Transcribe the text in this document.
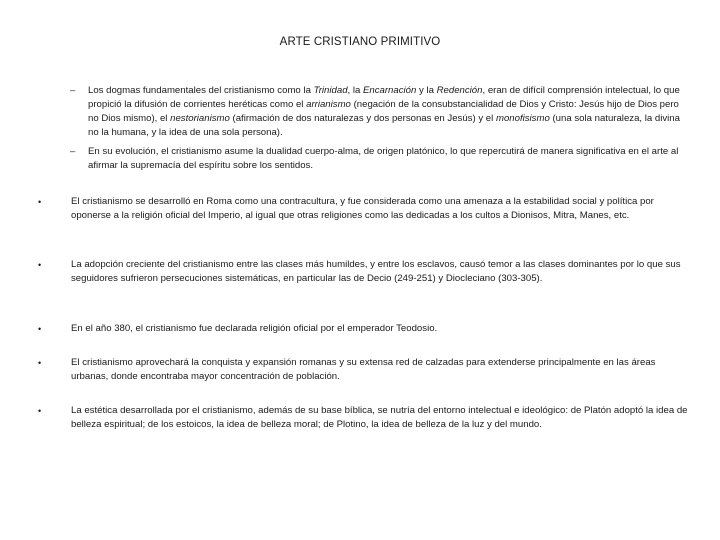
ARTE CRISTIANO PRIMITIVO
–	Los dogmas fundamentales del cristianismo como la Trinidad, la Encarnación y la Redención, eran de difícil comprensión intelectual, lo que propició la difusión de corrientes heréticas como el arrianismo (negación de la consubstancialidad de Dios y Cristo: Jesús hijo de Dios pero no Dios mismo), el nestorianismo (afirmación de dos naturalezas y dos personas en Jesús) y el monofisismo (una sola naturaleza, la divina no la humana, y la idea de una sola persona).
–	En su evolución, el cristianismo asume la dualidad cuerpo-alma, de origen platónico, lo que repercutirá de manera significativa en el arte al afirmar la supremacía del espíritu sobre los sentidos.
•	El cristianismo se desarrolló en Roma como una contracultura, y fue considerada como una amenaza a la estabilidad social y política por oponerse a la religión oficial del Imperio, al igual que otras religiones como las dedicadas a los cultos a Dionisos, Mitra, Manes, etc.
•	La adopción creciente del cristianismo entre las clases más humildes, y entre los esclavos, causó temor a las clases dominantes por lo que sus seguidores sufrieron persecuciones sistemáticas, en particular las de Decio (249-251) y Diocleciano (303-305).
•	En el año 380, el cristianismo fue declarada religión oficial por el emperador Teodosio.
•	El cristianismo aprovechará la conquista y expansión romanas y su extensa red de calzadas para extenderse principalmente en las áreas urbanas, donde encontraba mayor concentración de población.
•	La estética desarrollada por el cristianismo, además de su base bíblica, se nutría del entorno intelectual e ideológico: de Platón adoptó la idea de belleza espiritual; de los estoicos, la idea de belleza moral; de Plotino, la idea de belleza de la luz y del mundo.
